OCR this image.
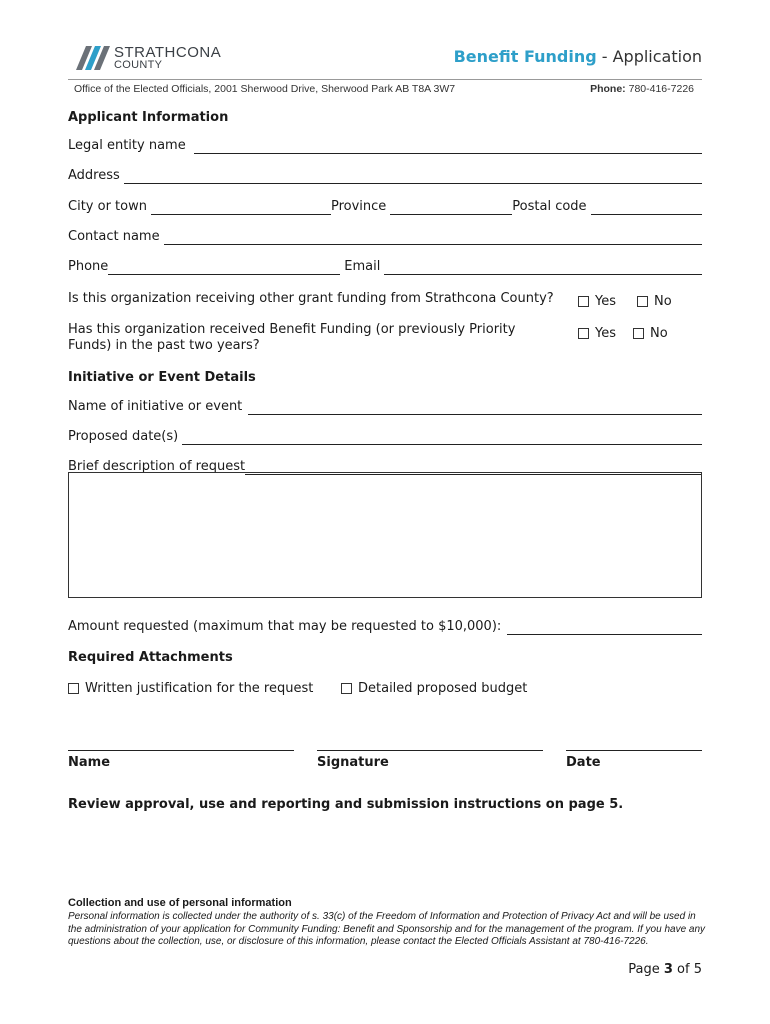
STRATHCONA
COUNTY	Benefit Funding - Application
Office of the Elected Officials, 2001 Sherwood Drive, Sherwood Park AB T8A 3W7	Phone: 780-416-7226
Applicant Information
Legal entity name
Address
City or town	Province	Postal code
Contact name
Phone	Email
Is this organization receiving other grant funding from Strathcona County?	Yes	No
Has this organization received Benefit Funding (or previously Priority Funds) in the past two years?
Yes	No
Initiative or Event Details
Name of initiative or event
Proposed date(s)
Brief description of request
Amount requested (maximum that may be requested to $10,000):
Required Attachments
Written justification for the request	Detailed proposed budget
Name	Signature	Date
Review approval, use and reporting and submission instructions on page 5.
Collection and use of personal information
Personal information is collected under the authority of s. 33(c) of the Freedom of Information and Protection of Privacy Act and will be used in the administration of your application for Community Funding: Benefit and Sponsorship and for the management of the program. If you have any questions about the collection, use, or disclosure of this information, please contact the Elected Officials Assistant at 780-416-7226.
Page 3 of 5
